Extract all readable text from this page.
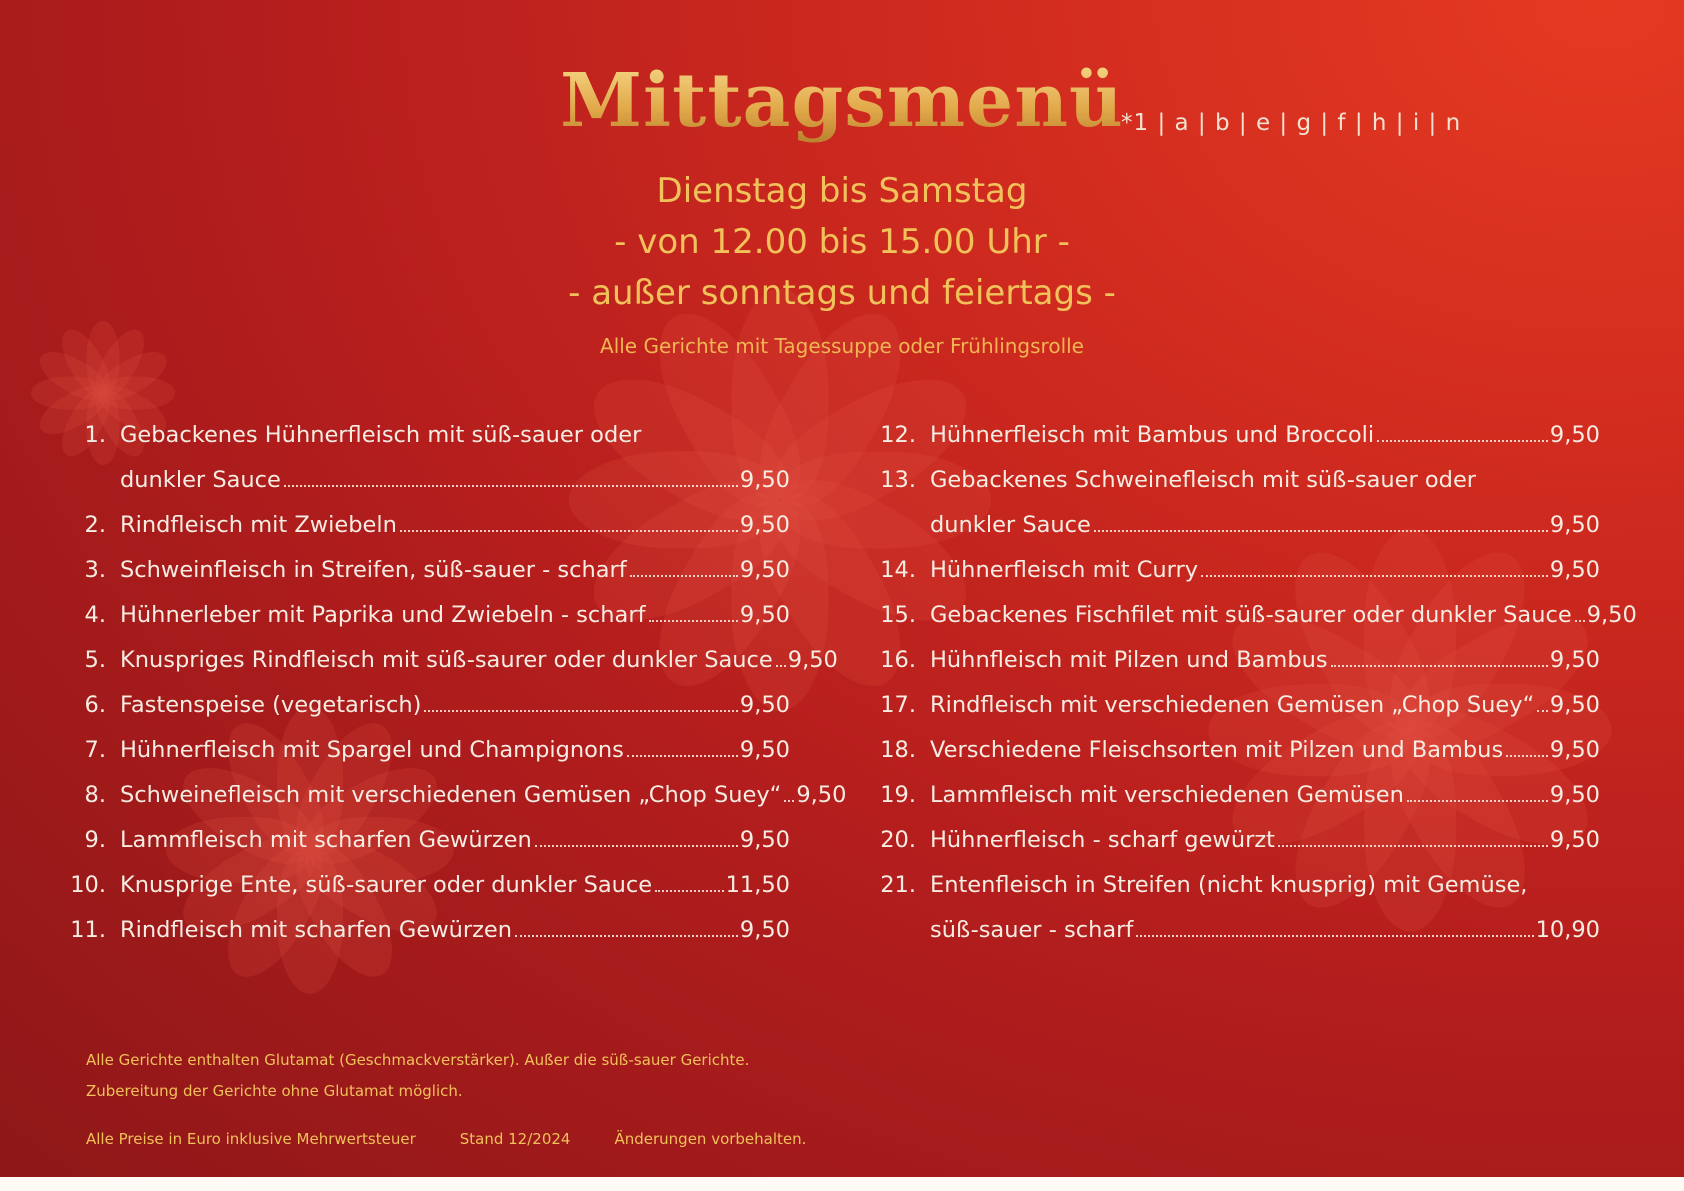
Mittagsmenü
*1 | a | b | e | g | f | h | i | n
Dienstag bis Samstag
- von 12.00 bis 15.00 Uhr -
- außer sonntags und feiertags -
Alle Gerichte mit Tagessuppe oder Frühlingsrolle
1. Gebackenes Hühnerfleisch mit süß-sauer oder
dunkler Sauce	9,50
2. Rindfleisch mit Zwiebeln	9,50
3. Schweinfleisch in Streifen, süß-sauer - scharf	9,50
4. Hühnerleber mit Paprika und Zwiebeln - scharf	9,50
5. Knuspriges Rindfleisch mit süß-saurer oder dunkler Sauce 9,50
6. Fastenspeise (vegetarisch)	9,50
7. Hühnerfleisch mit Spargel und Champignons	9,50
8. Schweinefleisch mit verschiedenen Gemüsen „Chop Suey“ 9,50
9. Lammfleisch mit scharfen Gewürzen	9,50
10. Knusprige Ente, süß-saurer oder dunkler Sauce	11,50
11. Rindfleisch mit scharfen Gewürzen	9,50
12. Hühnerfleisch mit Bambus und Broccoli	9,50
13. Gebackenes Schweinefleisch mit süß-sauer oder
dunkler Sauce	9,50
14. Hühnerfleisch mit Curry	9,50
15. Gebackenes Fischfilet mit süß-saurer oder dunkler Sauce 9,50
16. Hühnfleisch mit Pilzen und Bambus	9,50
17. Rindfleisch mit verschiedenen Gemüsen „Chop Suey“ 9,50
18. Verschiedene Fleischsorten mit Pilzen und Bambus 9,50
19. Lammfleisch mit verschiedenen Gemüsen	9,50
20. Hühnerfleisch - scharf gewürzt	9,50
21. Entenfleisch in Streifen (nicht knusprig) mit Gemüse,
süß-sauer - scharf	10,90
Alle Gerichte enthalten Glutamat (Geschmackverstärker). Außer die süß-sauer Gerichte.
Zubereitung der Gerichte ohne Glutamat möglich.
Alle Preise in Euro inklusive Mehrwertsteuer	Stand 12/2024	Änderungen vorbehalten.
